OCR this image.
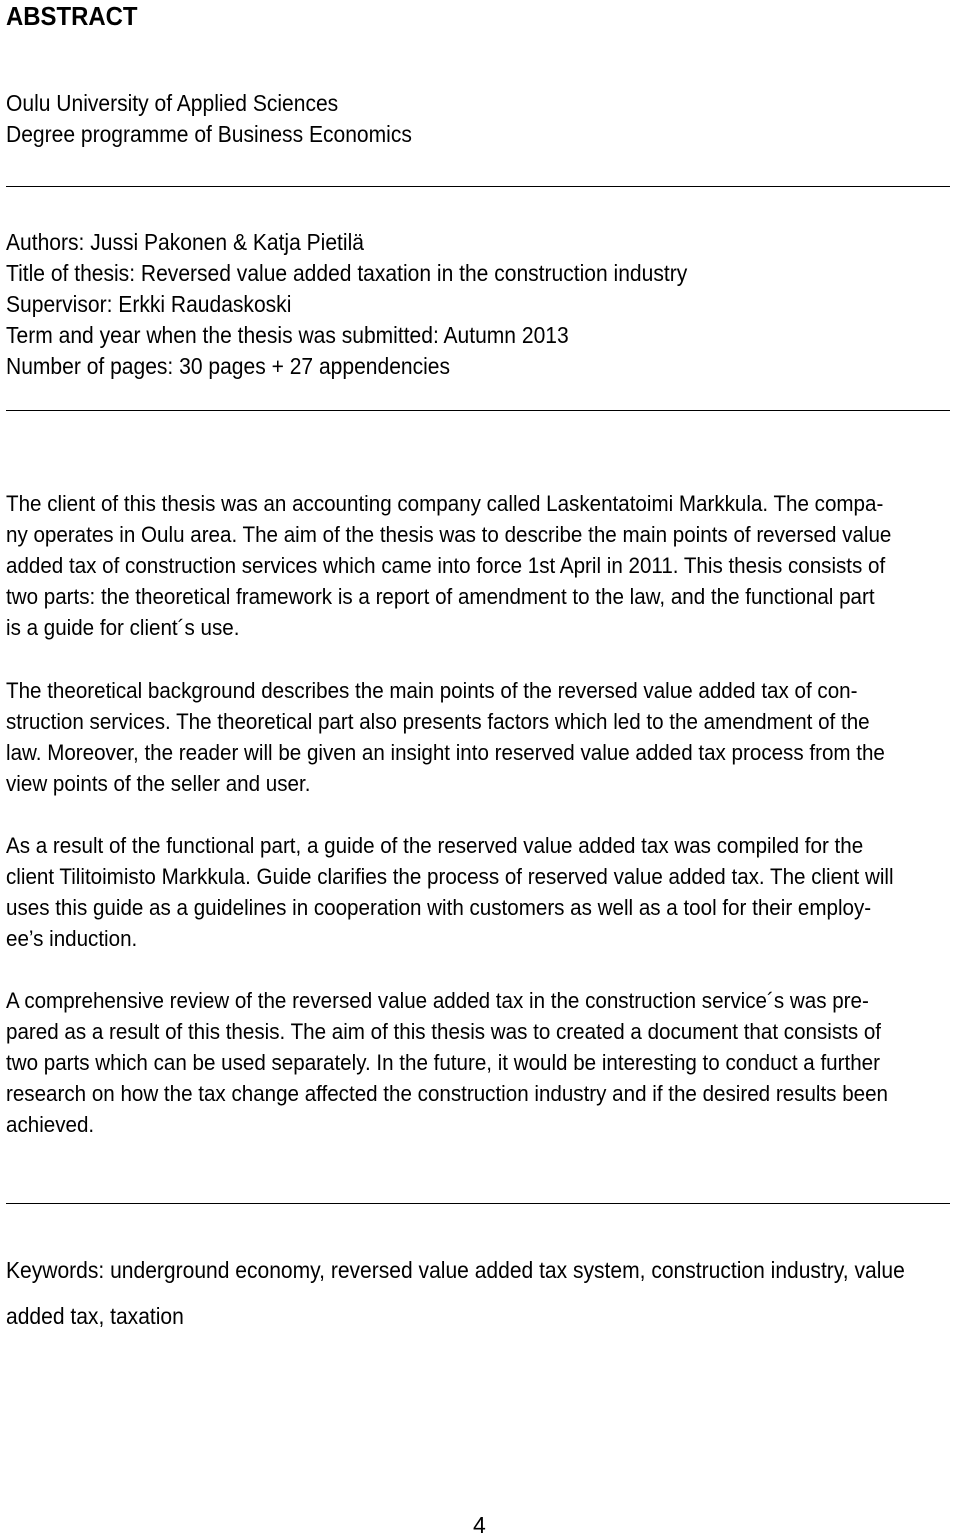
ABSTRACT
Oulu University of Applied Sciences
Degree programme of Business Economics
Authors: Jussi Pakonen & Katja Pietilä
Title of thesis: Reversed value added taxation in the construction industry
Supervisor: Erkki Raudaskoski
Term and year when the thesis was submitted: Autumn 2013
Number of pages: 30 pages + 27 appendencies
The client of this thesis was an accounting company called Laskentatoimi Markkula. The compa-
ny operates in Oulu area. The aim of the thesis was to describe the main points of reversed value
added tax of construction services which came into force 1st April in 2011. This thesis consists of
two parts: the theoretical framework is a report of amendment to the law, and the functional part
is a guide for client´s use.
The theoretical background describes the main points of the reversed value added tax of con-
struction services. The theoretical part also presents factors which led to the amendment of the
law. Moreover, the reader will be given an insight into reserved value added tax process from the
view points of the seller and user.
As a result of the functional part, a guide of the reserved value added tax was compiled for the
client Tilitoimisto Markkula. Guide clarifies the process of reserved value added tax. The client will
uses this guide as a guidelines in cooperation with customers as well as a tool for their employ-
ee’s induction.
A comprehensive review of the reversed value added tax in the construction service´s was pre-
pared as a result of this thesis. The aim of this thesis was to created a document that consists of
two parts which can be used separately. In the future, it would be interesting to conduct a further
research on how the tax change affected the construction industry and if the desired results been
achieved.
Keywords: underground economy, reversed value added tax system, construction industry, value
added tax, taxation
4
